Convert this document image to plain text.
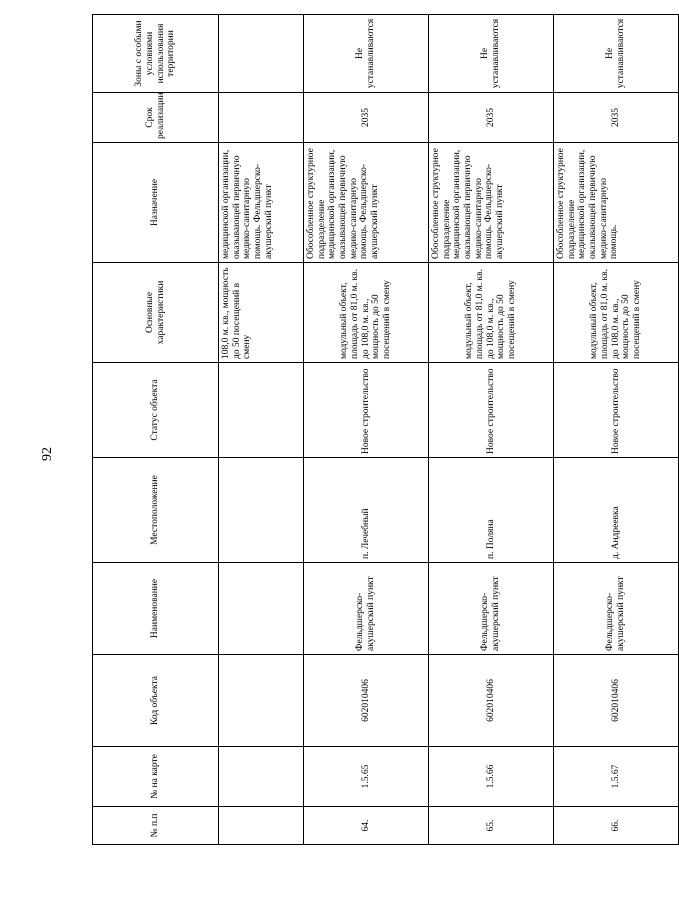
92
№ п.п	№ на карте	Код объекта	Наименование	Местоположение	Статус объекта	Основные характеристики	Назначение	Срок реализации	Зоны с особыми условиями использования территории
						108,0 м. кв., мощность до 50 посещений в смену	медицинской организации, оказывающей первичную медико-санитарную помощь. Фельдшерско-акушерский пункт		
64.	1.5.65	602010406	Фельдшерско-акушерский пункт	п. Лечебный	Новое строительство	модульный объект, площадь от 81,0 м. кв. до 108,0 м. кв., мощность до 50 посещений в смену	Обособленное структурное подразделение медицинской организации, оказывающей первичную медико-санитарную помощь. Фельдшерско-акушерский пункт	2035	Не устанавливаются
65.	1.5.66	602010406	Фельдшерско-акушерский пункт	п. Поляна	Новое строительство	модульный объект, площадь от 81,0 м. кв. до 108,0 м. кв., мощность до 50 посещений в смену	Обособленное структурное подразделение медицинской организации, оказывающей первичную медико-санитарную помощь. Фельдшерско-акушерский пункт	2035	Не устанавливаются
66.	1.5.67	602010406	Фельдшерско-акушерский пункт	д. Андреевка	Новое строительство	модульный объект, площадь от 81,0 м. кв. до 108,0 м. кв., мощность до 50 посещений в смену	Обособленное структурное подразделение медицинской организации, оказывающей первичную медико-санитарную помощь.	2035	Не устанавливаются
